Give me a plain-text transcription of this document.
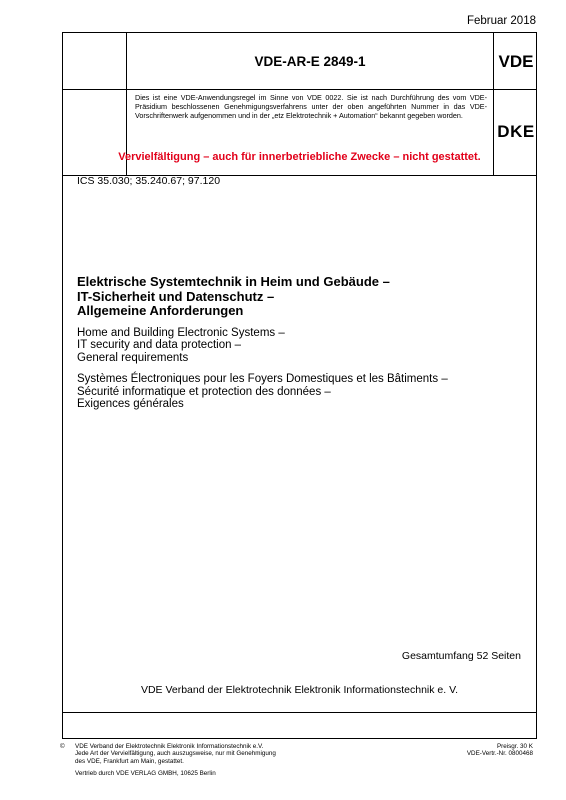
Februar 2018
VDE-AR-E 2849-1	VDE

Dies ist eine VDE-Anwendungsregel im Sinne von VDE 0022. Sie ist nach Durchführung des vom VDE-Präsidium beschlossenen Genehmigungsverfahrens unter der oben angeführten Nummer in das VDE-Vorschriftenwerk aufgenommen und in der „etz Elektrotechnik + Automation“ bekannt gegeben worden.

DKE
Vervielfältigung – auch für innerbetriebliche Zwecke – nicht gestattet.
ICS 35.030; 35.240.67; 97.120

Elektrische Systemtechnik in Heim und Gebäude –
IT-Sicherheit und Datenschutz –
Allgemeine Anforderungen

Home and Building Electronic Systems –
IT security and data protection –
General requirements

Systèmes Électroniques pour les Foyers Domestiques et les Bâtiments –
Sécurité informatique et protection des données –
Exigences générales

Gesamtumfang 52 Seiten
VDE Verband der Elektrotechnik Elektronik Informationstechnik e. V.
© VDE Verband der Elektrotechnik Elektronik Informationstechnik e.V.
Jede Art der Vervielfältigung, auch auszugsweise, nur mit Genehmigung
des VDE, Frankfurt am Main, gestattet.
Vertrieb durch VDE VERLAG GMBH, 10625 Berlin
Preisgr. 30 K
VDE-Vertr.-Nr. 0800468
